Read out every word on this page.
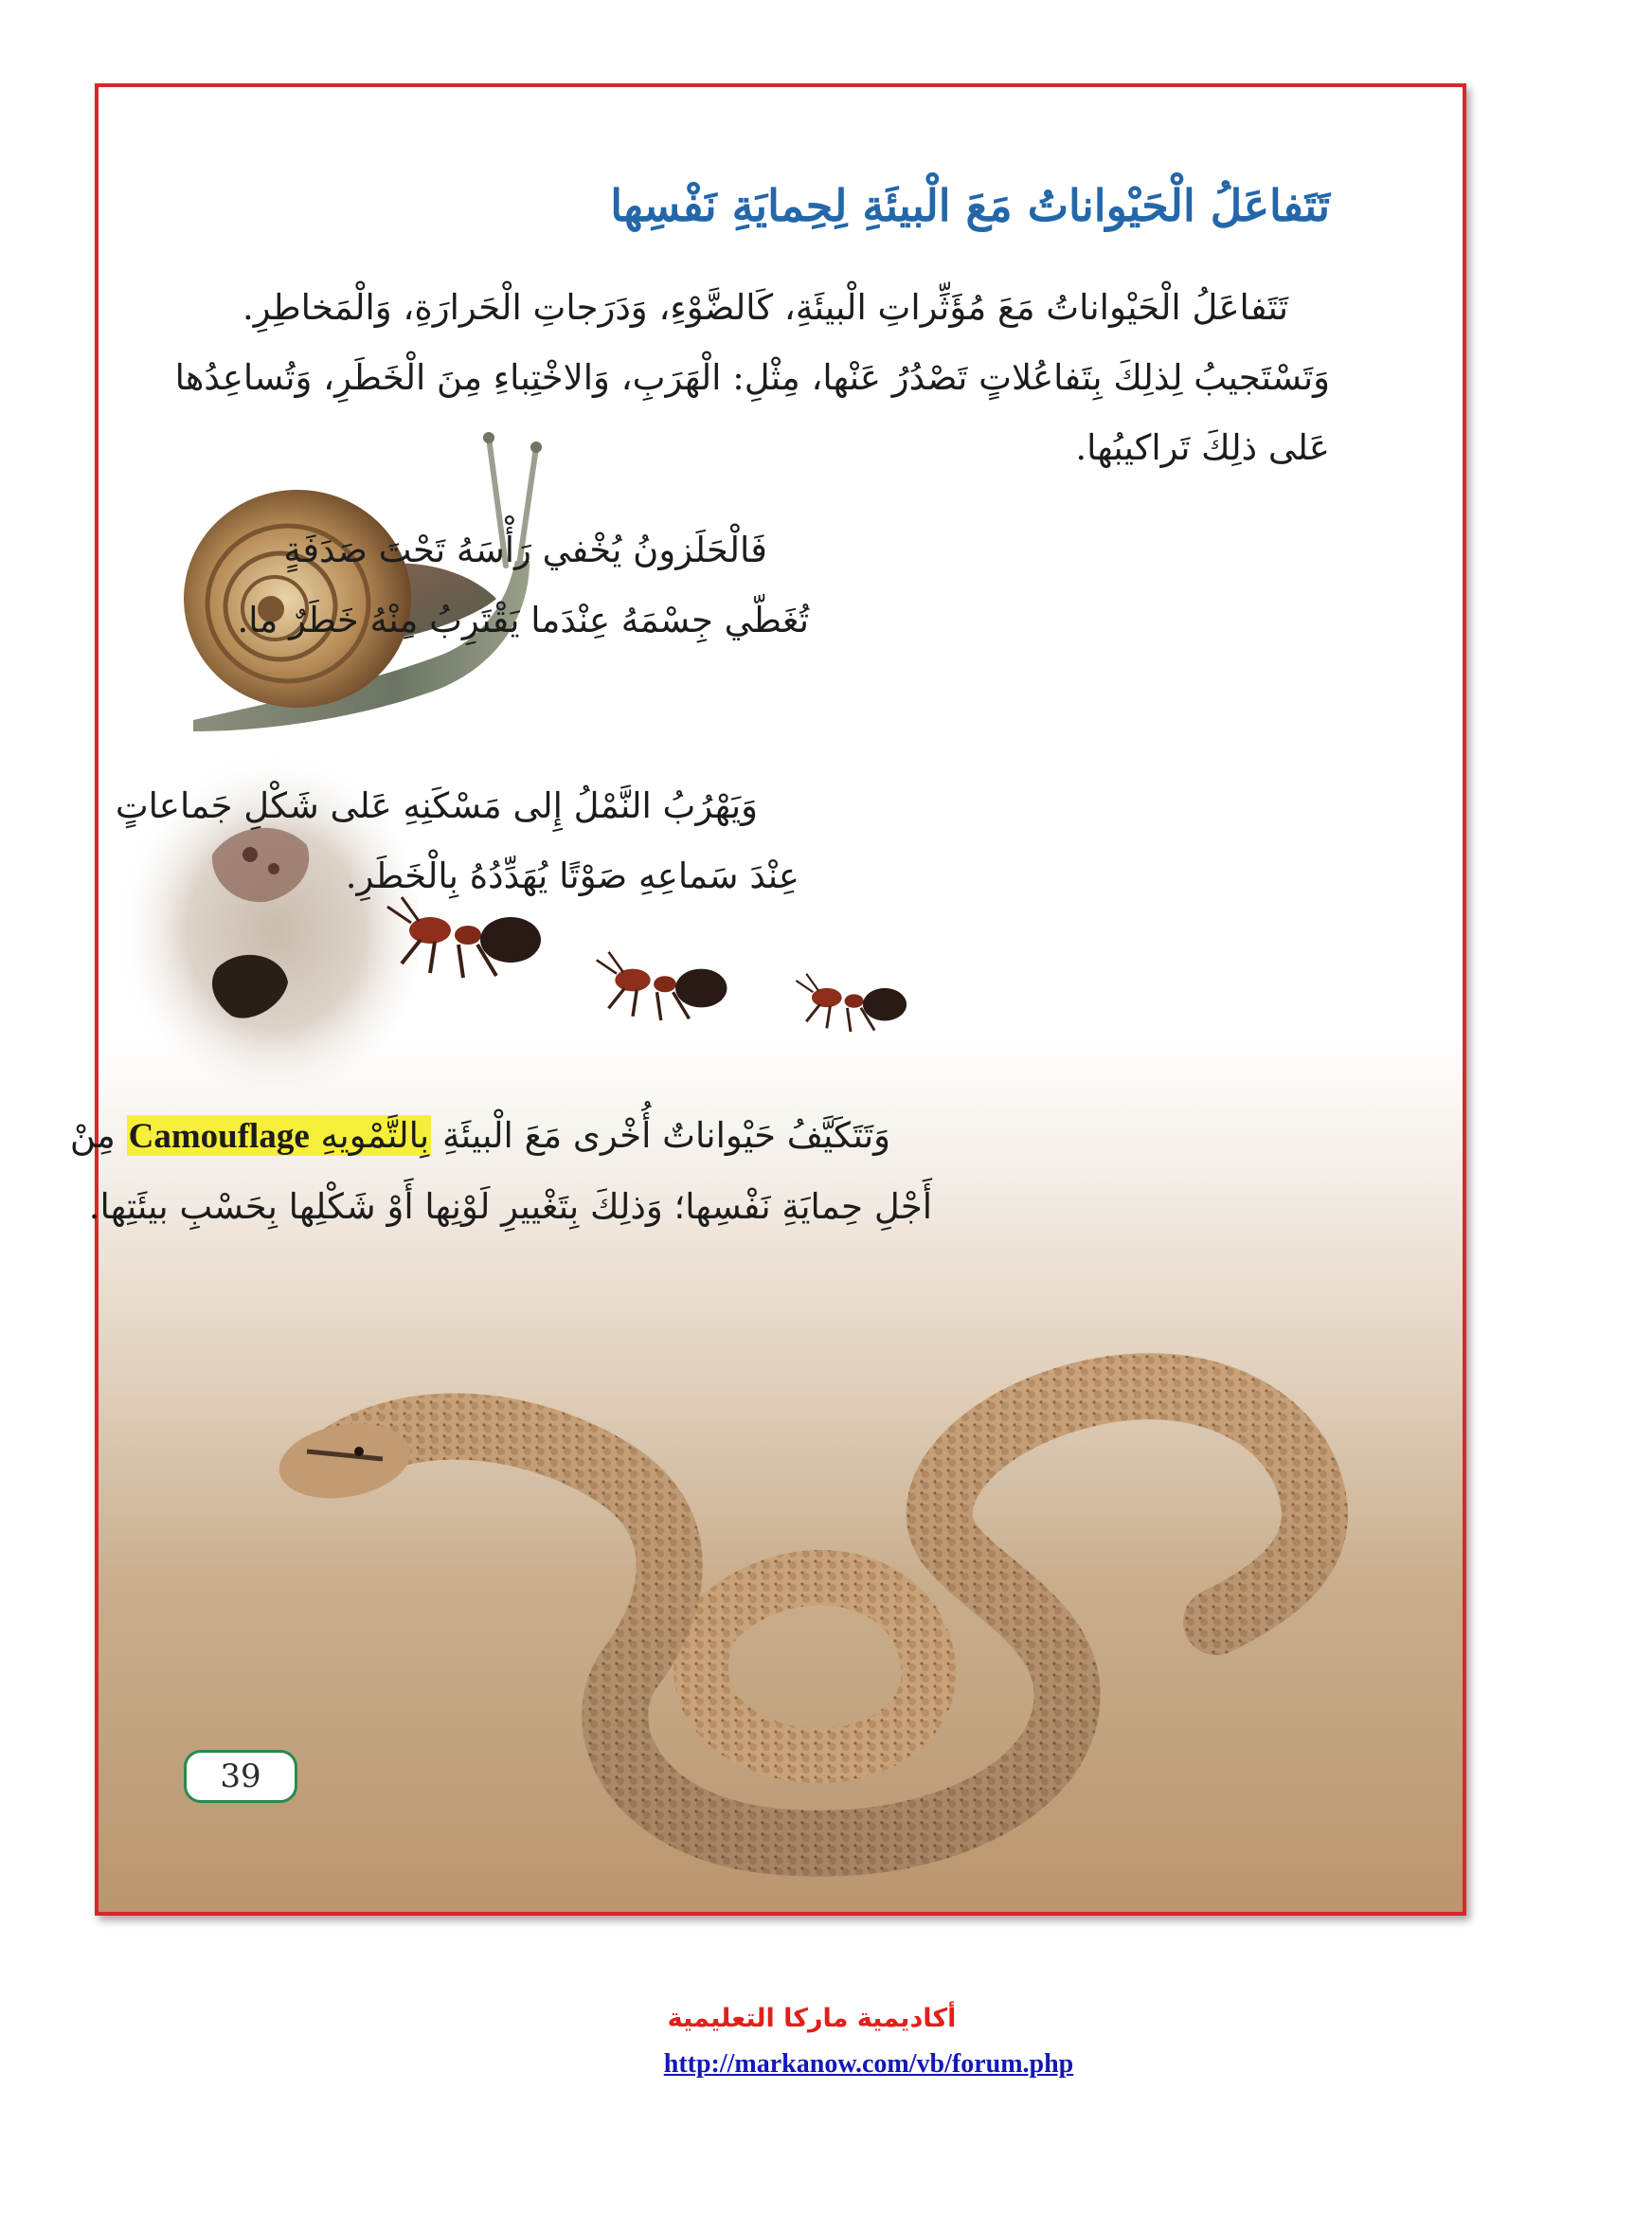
تَتَفاعَلُ الْحَيْواناتُ مَعَ الْبيئَةِ لِحِمايَةِ نَفْسِها
تَتَفاعَلُ الْحَيْواناتُ مَعَ مُؤَثِّراتِ الْبيئَةِ، كَالضَّوْءِ، وَدَرَجاتِ الْحَرارَةِ، وَالْمَخاطِرِ.
وَتَسْتَجيبُ لِذلِكَ بِتَفاعُلاتٍ تَصْدُرُ عَنْها، مِثْلِ: الْهَرَبِ، وَالاخْتِباءِ مِنَ الْخَطَرِ، وَتُساعِدُها
عَلى ذلِكَ تَراكيبُها.
فَالْحَلَزونُ يُخْفي رَأْسَهُ تَحْتَ صَدَفَةٍ
تُغَطّي جِسْمَهُ عِنْدَما يَقْتَرِبُ مِنْهُ خَطَرٌ ما.
وَيَهْرُبُ النَّمْلُ إِلى مَسْكَنِهِ عَلى شَكْلِ جَماعاتٍ
عِنْدَ سَماعِهِ صَوْتًا يُهَدِّدُهُ بِالْخَطَرِ.
وَتَتَكَيَّفُ حَيْواناتٌ أُخْرى مَعَ الْبيئَةِ بِالتَّمْويهِ Camouflage مِنْ
أَجْلِ حِمايَةِ نَفْسِها؛ وَذلِكَ بِتَغْييرِ لَوْنِها أَوْ شَكْلِها بِحَسْبِ بيئَتِها.
39
أكاديمية ماركا التعليمية
http://markanow.com/vb/forum.php
